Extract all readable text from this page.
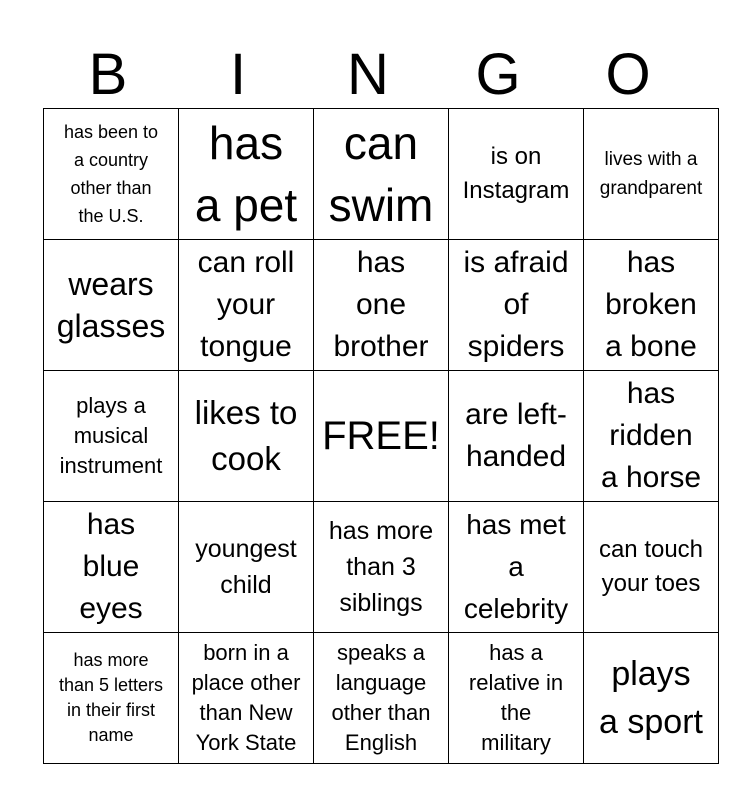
B	I	N	G	O
has been to
a country
other than
the U.S.	has
a pet	can
swim	is on
Instagram	lives with a
grandparent

wears
glasses	can roll
your
tongue	has
one
brother	is afraid
of
spiders	has
broken
a bone

plays a
musical
instrument	likes to
cook	FREE!	are left-
handed	has
ridden
a horse

has
blue
eyes	youngest
child	has more
than 3
siblings	has met
a
celebrity	can touch
your toes

has more
than 5 letters
in their first
name	born in a
place other
than New
York State	speaks a
language
other than
English	has a
relative in
the
military	plays
a sport
